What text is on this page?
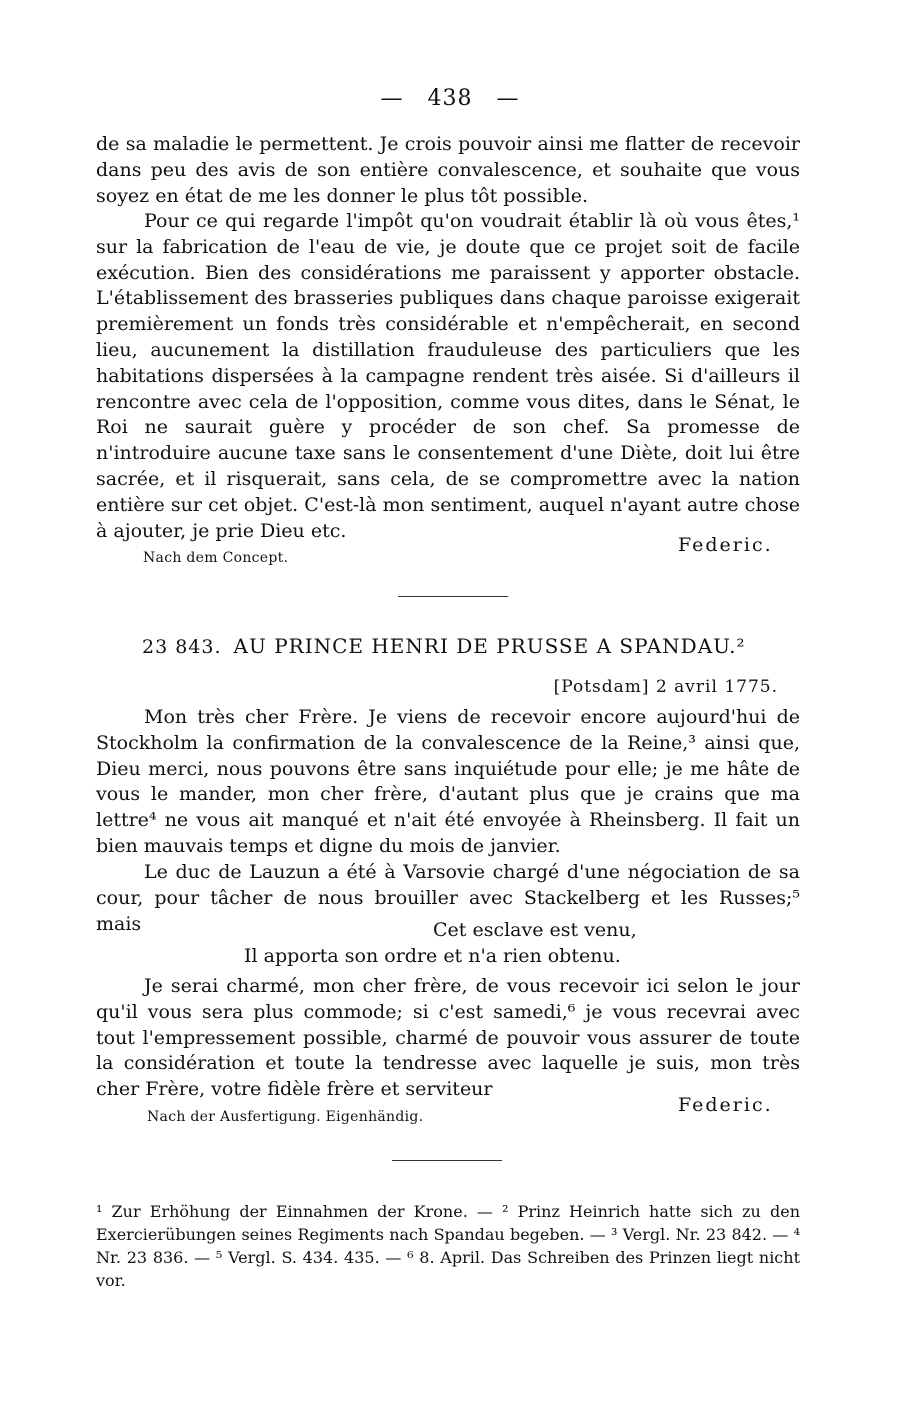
— 438 —

de sa maladie le permettent. Je crois pouvoir ainsi me flatter de recevoir dans peu des avis de son entière convalescence, et souhaite que vous soyez en état de me les donner le plus tôt possible.

Pour ce qui regarde l'impôt qu'on voudrait établir là où vous êtes,¹ sur la fabrication de l'eau de vie, je doute que ce projet soit de facile exécution. Bien des considérations me paraissent y apporter obstacle. L'établissement des brasseries publiques dans chaque paroisse exigerait premièrement un fonds très considérable et n'empêcherait, en second lieu, aucunement la distillation frauduleuse des particuliers que les habitations dispersées à la campagne rendent très aisée. Si d'ailleurs il rencontre avec cela de l'opposition, comme vous dites, dans le Sénat, le Roi ne saurait guère y procéder de son chef. Sa promesse de n'introduire aucune taxe sans le consentement d'une Diète, doit lui être sacrée, et il risquerait, sans cela, de se compromettre avec la nation entière sur cet objet. C'est-là mon sentiment, auquel n'ayant autre chose à ajouter, je prie Dieu etc.

Federic.
Nach dem Concept.
23 843. AU PRINCE HENRI DE PRUSSE A SPANDAU.²
[Potsdam] 2 avril 1775.

Mon très cher Frère. Je viens de recevoir encore aujourd'hui de Stockholm la confirmation de la convalescence de la Reine,³ ainsi que, Dieu merci, nous pouvons être sans inquiétude pour elle; je me hâte de vous le mander, mon cher frère, d'autant plus que je crains que ma lettre⁴ ne vous ait manqué et n'ait été envoyée à Rheinsberg. Il fait un bien mauvais temps et digne du mois de janvier.

Le duc de Lauzun a été à Varsovie chargé d'une négociation de sa cour, pour tâcher de nous brouiller avec Stackelberg et les Russes;⁵ mais	Cet esclave est venu,
Il apporta son ordre et n'a rien obtenu.

Je serai charmé, mon cher frère, de vous recevoir ici selon le jour qu'il vous sera plus commode; si c'est samedi,⁶ je vous recevrai avec tout l'empressement possible, charmé de pouvoir vous assurer de toute la considération et toute la tendresse avec laquelle je suis, mon très cher Frère, votre fidèle frère et serviteur

Federic.
Nach der Ausfertigung. Eigenhändig.
¹ Zur Erhöhung der Einnahmen der Krone. — ² Prinz Heinrich hatte sich zu den Exercierübungen seines Regiments nach Spandau begeben. — ³ Vergl. Nr. 23 842. — ⁴ Nr. 23 836. — ⁵ Vergl. S. 434. 435. — ⁶ 8. April. Das Schreiben des Prinzen liegt nicht vor.
